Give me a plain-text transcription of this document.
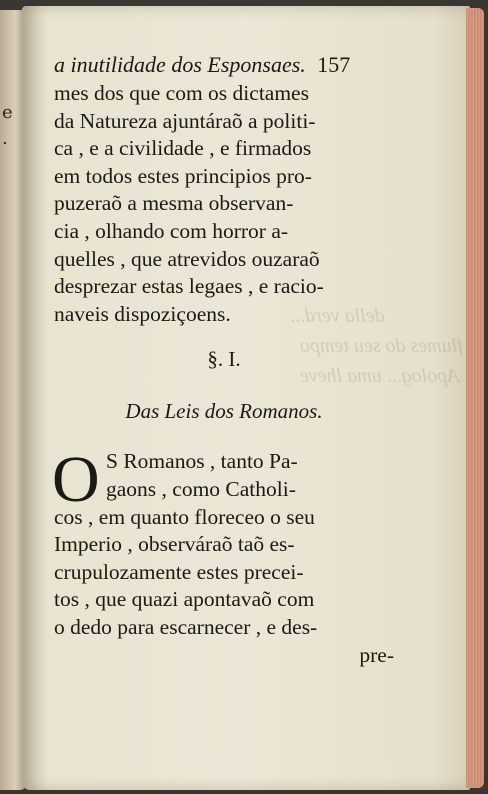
e
.
della verd...
flumes do seu tempo
Apolog... uma lheve
a inutilidade dos Esponsaes. 157
mes dos que com os dictames
da Natureza ajuntáraõ a politi-
ca , e a civilidade , e firmados
em todos estes principios pro-
puzeraõ a mesma observan-
cia , olhando com horror a-
quelles , que atrevidos ouzaraõ
desprezar estas legaes , e racio-
naveis dispoziçoens.
§. I.
Das Leis dos Romanos.
O S Romanos , tanto Pa-
gaons , como Catholi-
cos , em quanto floreceo o seu
Imperio , observáraõ taõ es-
crupulozamente estes precei-
tos , que quazi apontavaõ com
o dedo para escarnecer , e des-
pre-
